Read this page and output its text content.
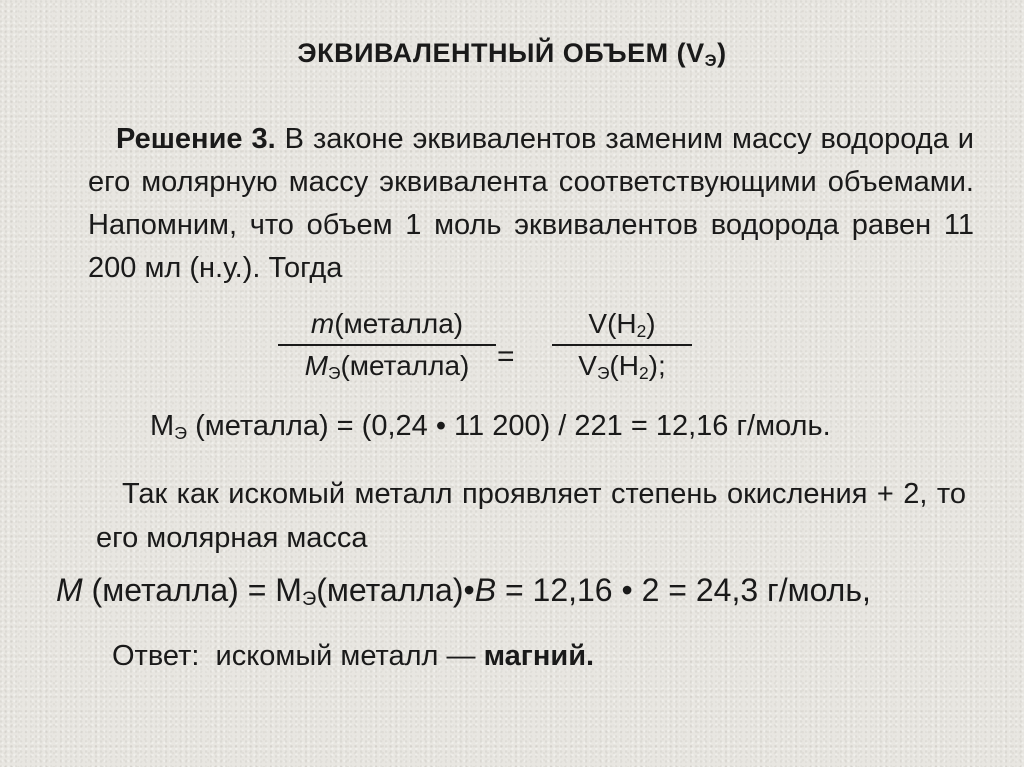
ЭКВИВАЛЕНТНЫЙ ОБЪЕМ $(V_Э)$
Решение 3. В законе эквивалентов заменим массу водорода и его молярную массу эквивалента соответствующими объемами. Напомним, что объем 1 моль эквивалентов водорода равен 11 200 мл (н.у.). Тогда
m(металла)
$M_Э(металла)$ =
$V(H_2)$
$V_Э(H_2)$;
$M_Э$ (металла) = (0,24 • 11 200) / 221 = 12,16 г/моль.
Так как искомый металл проявляет степень окисления + 2, то его молярная масса
M (металла) = $M_Э(металла)•B = 12,16$ • 2 = 24,3 г/моль,
Ответ:  искомый металл — магний.
